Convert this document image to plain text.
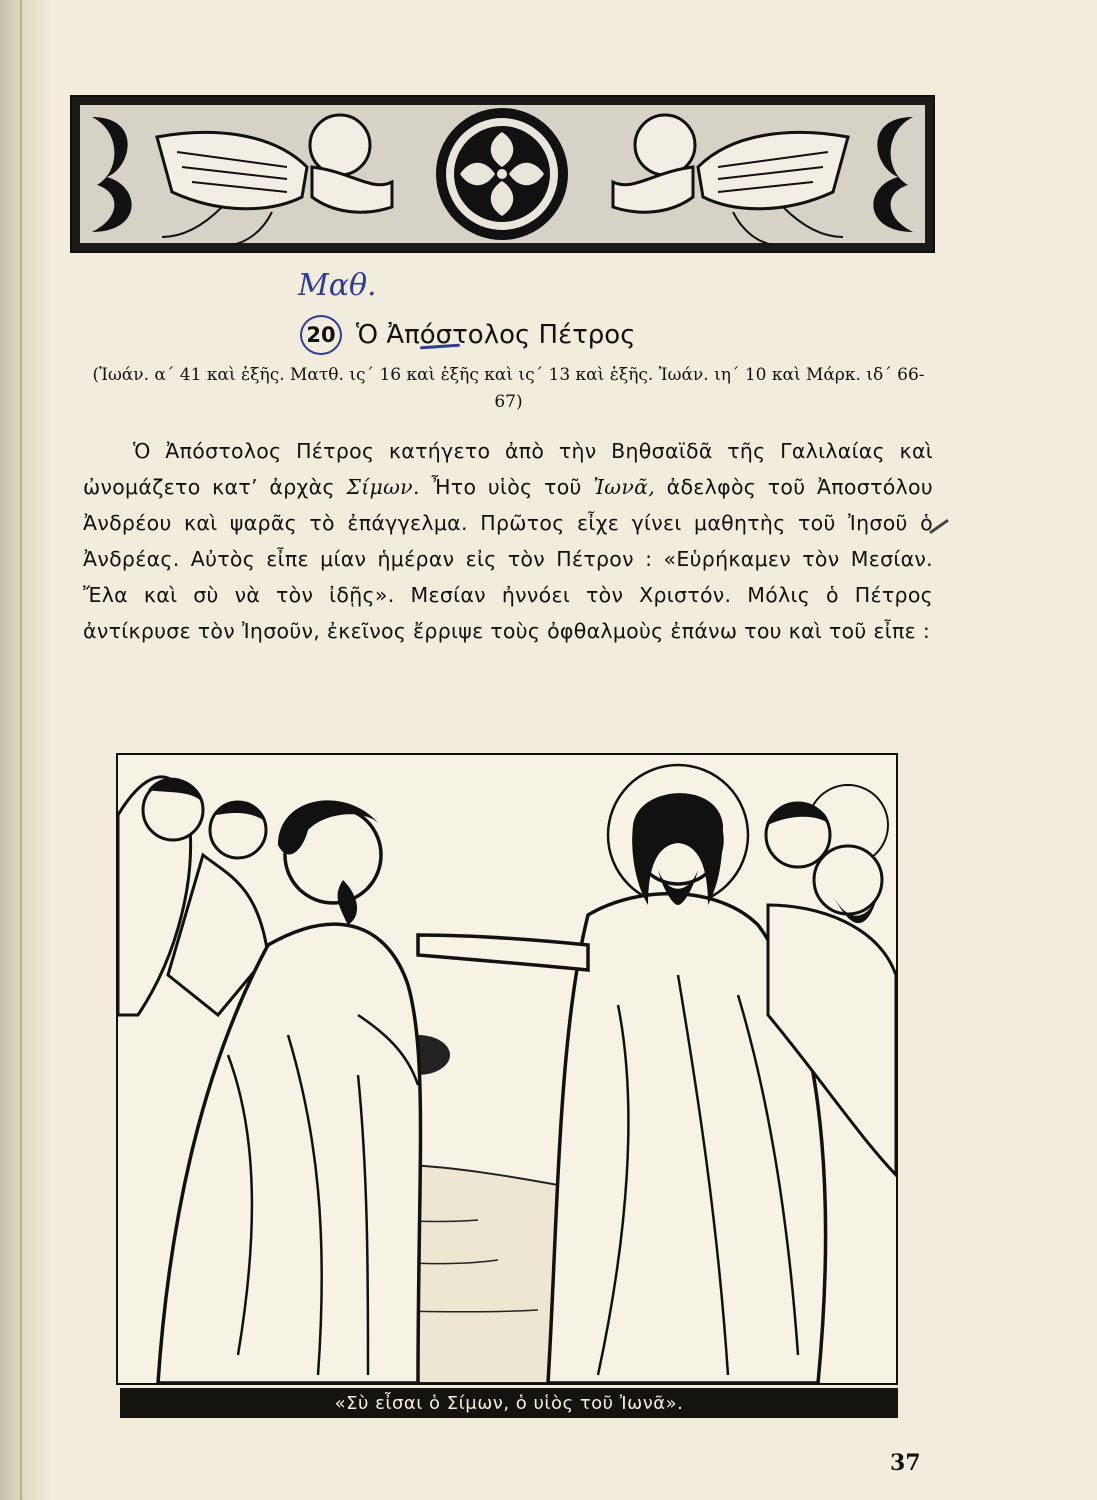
Μαθ.
20 Ὁ Ἀπόστολος Πέτρος
(Ἰωάν. α΄ 41 καὶ ἑξῆς. Ματθ. ις΄ 16 καὶ ἑξῆς καὶ ις΄ 13 καὶ ἑξῆς. Ἰωάν. ιη΄ 10 καὶ Μάρκ. ιδ΄ 66-67)

Ὁ Ἀπόστολος Πέτρος κατήγετο ἀπὸ τὴν Βηθσαϊδᾶ τῆς Γαλιλαίας καὶ ὠνομάζετο κατ’ ἀρχὰς Σίμων. Ἦτο υἱὸς τοῦ Ἰωνᾶ, ἀδελφὸς τοῦ Ἀποστόλου Ἀνδρέου καὶ ψαρᾶς τὸ ἐπάγγελμα. Πρῶτος εἶχε γίνει μαθητὴς τοῦ Ἰησοῦ ὁ Ἀνδρέας. Αὐτὸς εἶπε μίαν ἡμέραν εἰς τὸν Πέτρον : «Εὑρήκαμεν τὸν Μεσίαν. Ἔλα καὶ σὺ νὰ τὸν ἰδῇς». Μεσίαν ἠννόει τὸν Χριστόν. Μόλις ὁ Πέτρος ἀντίκρυσε τὸν Ἰησοῦν, ἐκεῖνος ἔρριψε τοὺς ὀφθαλμοὺς ἐπάνω του καὶ τοῦ εἶπε :

«Σὺ εἶσαι ὁ Σίμων, ὁ υἱὸς τοῦ Ἰωνᾶ».
37
